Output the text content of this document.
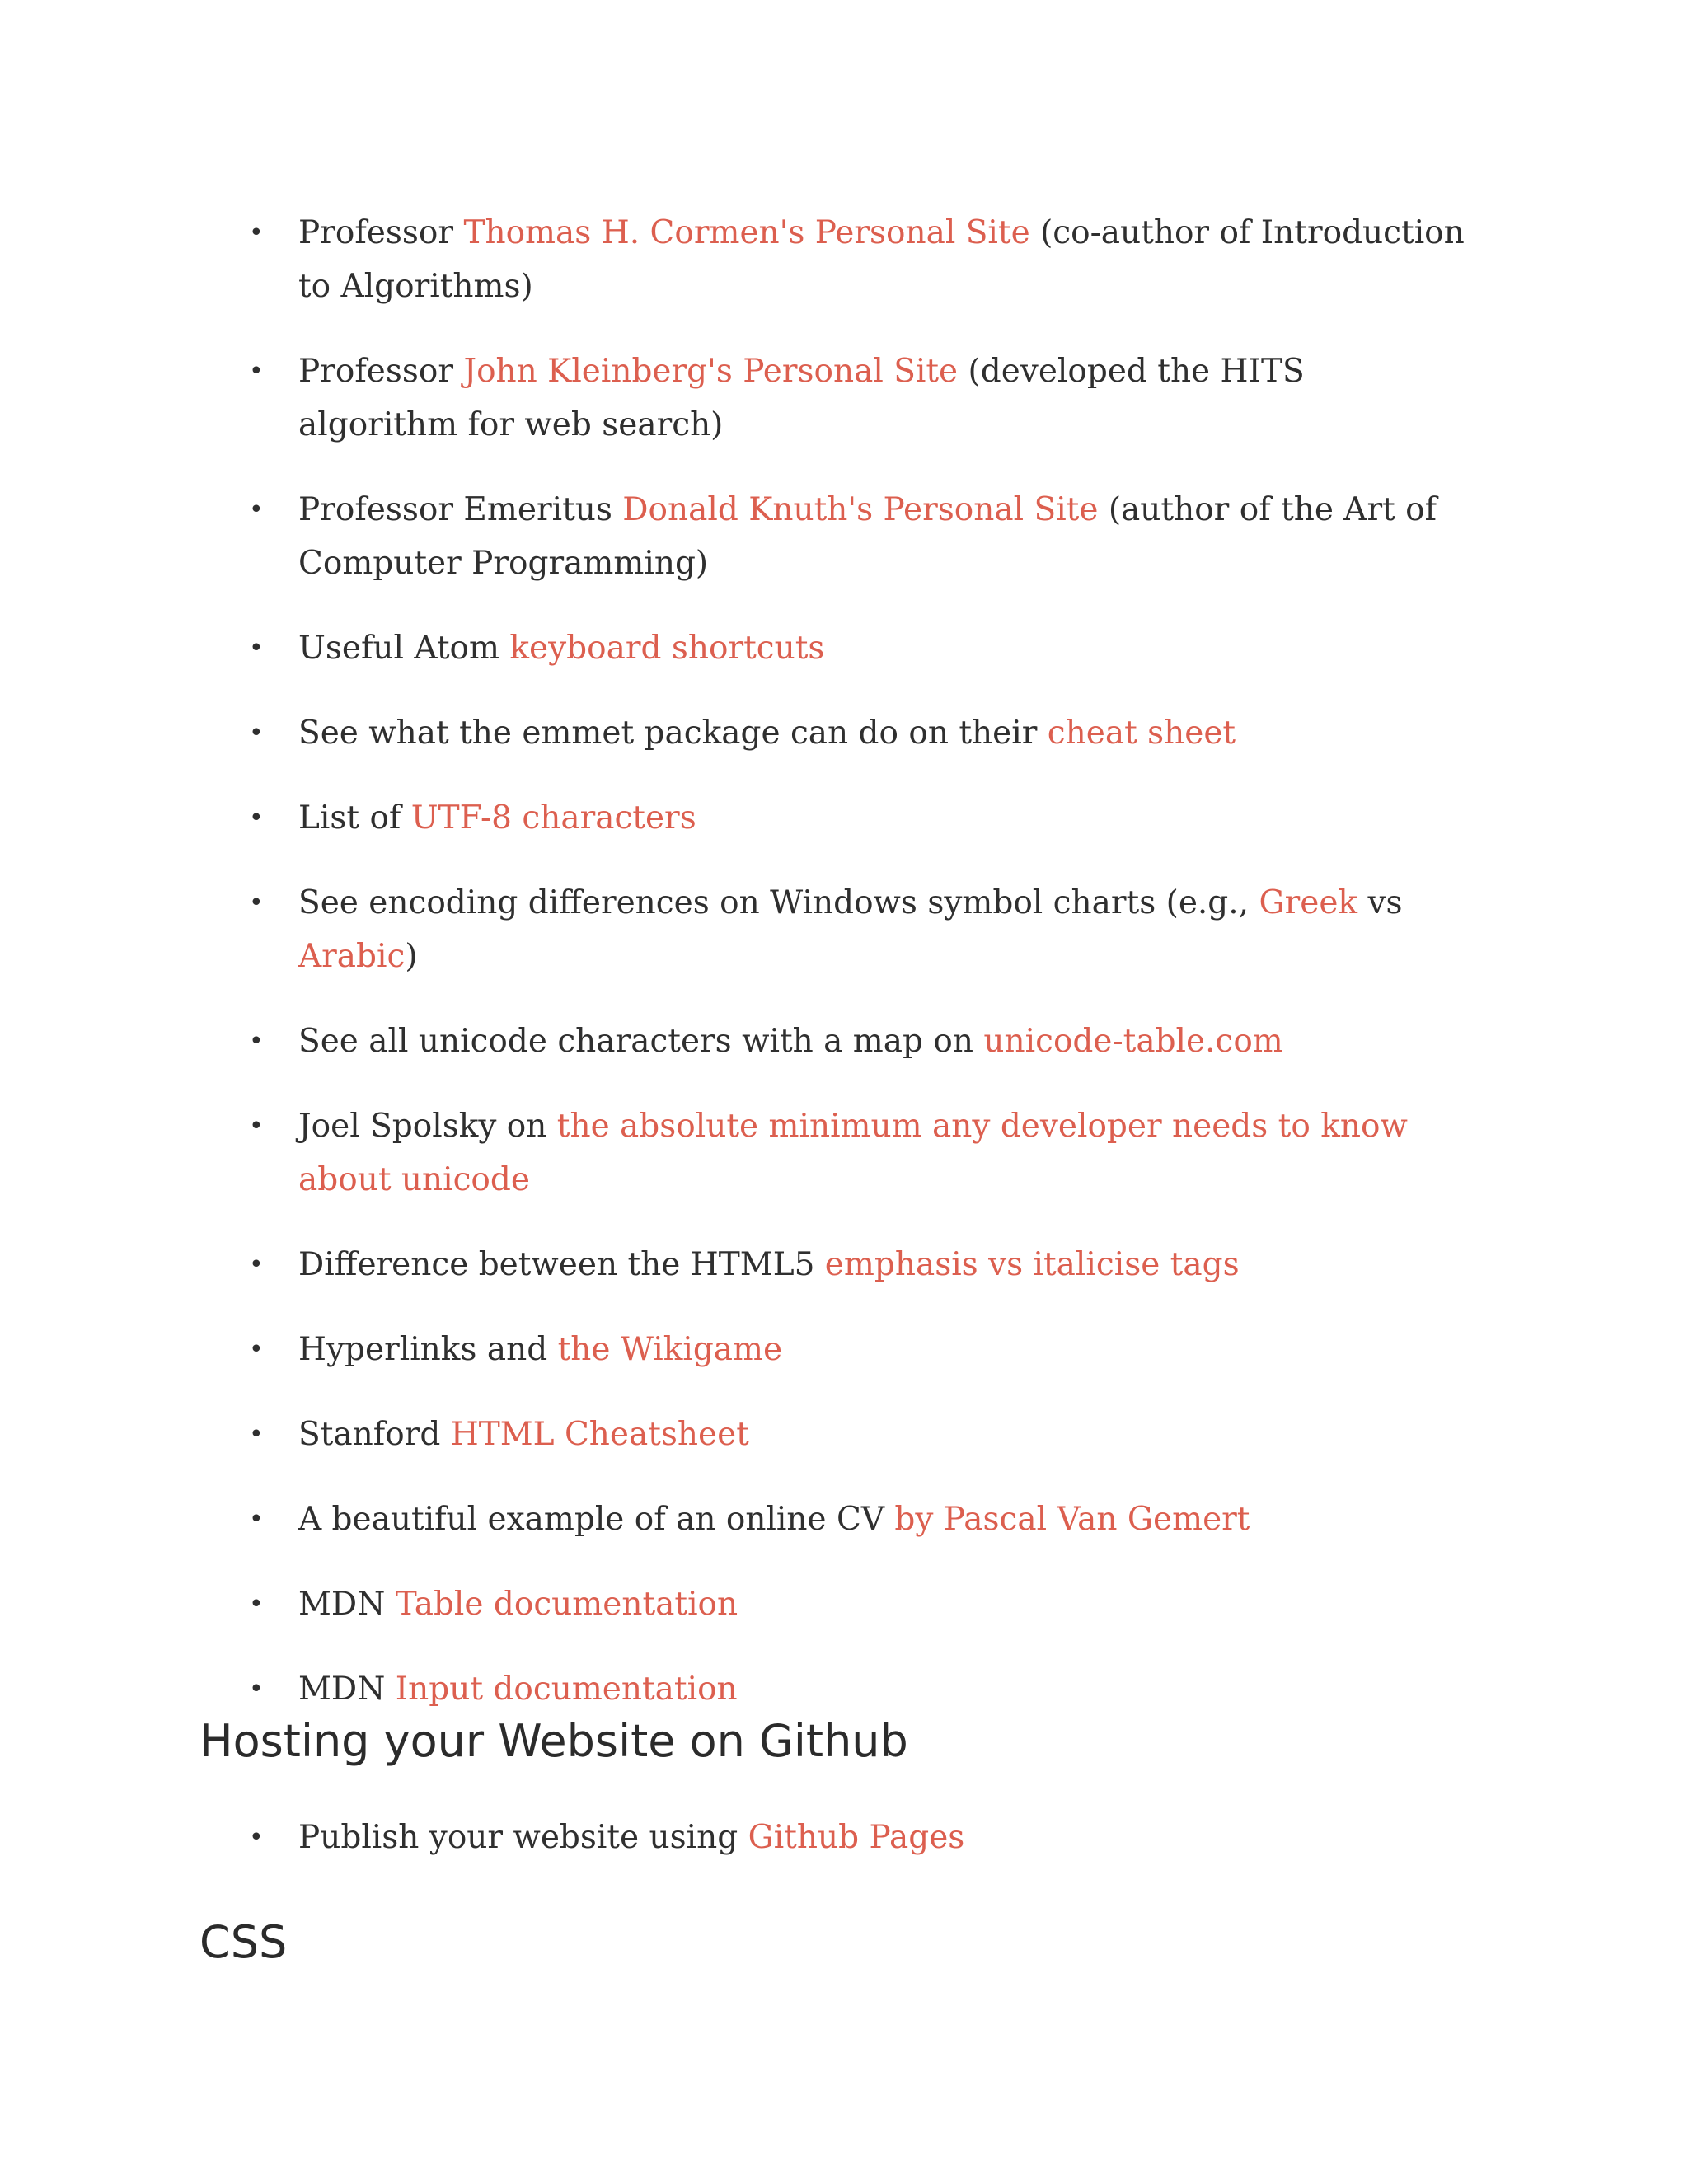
• Professor Thomas H. Cormen's Personal Site (co-author of Introduction to Algorithms)
• Professor John Kleinberg's Personal Site (developed the HITS algorithm for web search)
• Professor Emeritus Donald Knuth's Personal Site (author of the Art of Computer Programming)
• Useful Atom keyboard shortcuts
• See what the emmet package can do on their cheat sheet
• List of UTF-8 characters
• See encoding differences on Windows symbol charts (e.g., Greek vs Arabic)
• See all unicode characters with a map on unicode-table.com
• Joel Spolsky on the absolute minimum any developer needs to know about unicode
• Difference between the HTML5 emphasis vs italicise tags
• Hyperlinks and the Wikigame
• Stanford HTML Cheatsheet
• A beautiful example of an online CV by Pascal Van Gemert
• MDN Table documentation
• MDN Input documentation
Hosting your Website on Github
• Publish your website using Github Pages
CSS
